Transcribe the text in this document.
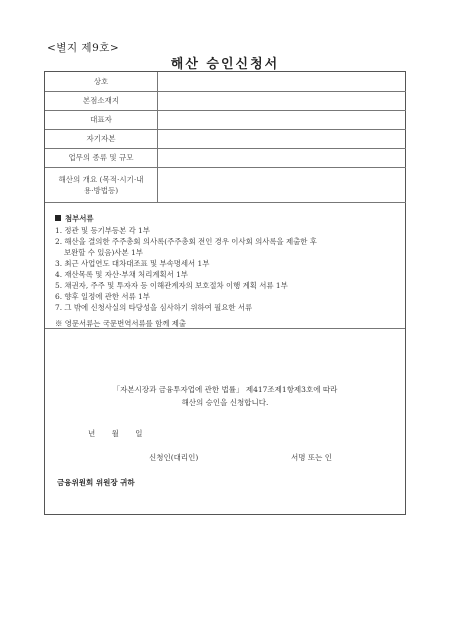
<별지 제9호>
해산 승인신청서
상호	

본점소재지	

대표자	

자기자본	

업무의 종류 및 규모	

해산의 개요 (목적·시기·내
용·방법등)	

첨부서류
1. 정관 및 등기부등본 각 1부
2. 해산을 결의한 주주총회 의사록(주주총회 전인 경우 이사회 의사록을 제출한 후
보완할 수 있음)사본 1부
3. 최근 사업연도 대차대조표 및 부속명세서 1부
4. 재산목록 및 자산·부채 처리계획서 1부
5. 채권자, 주주 및 투자자 등 이해관계자의 보호절차 이행 계획 서류 1부
6. 향후 일정에 관한 서류 1부
7. 그 밖에 신청사실의 타당성을 심사하기 위하여 필요한 서류
※ 영문서류는 국문번역서류를 함께 제출
「자본시장과 금융투자업에 관한 법률」 제417조제1항제3호에 따라
해산의 승인을 신청합니다.
년 월 일
신청인(대리인)	서명 또는 인
금융위원회 위원장 귀하
